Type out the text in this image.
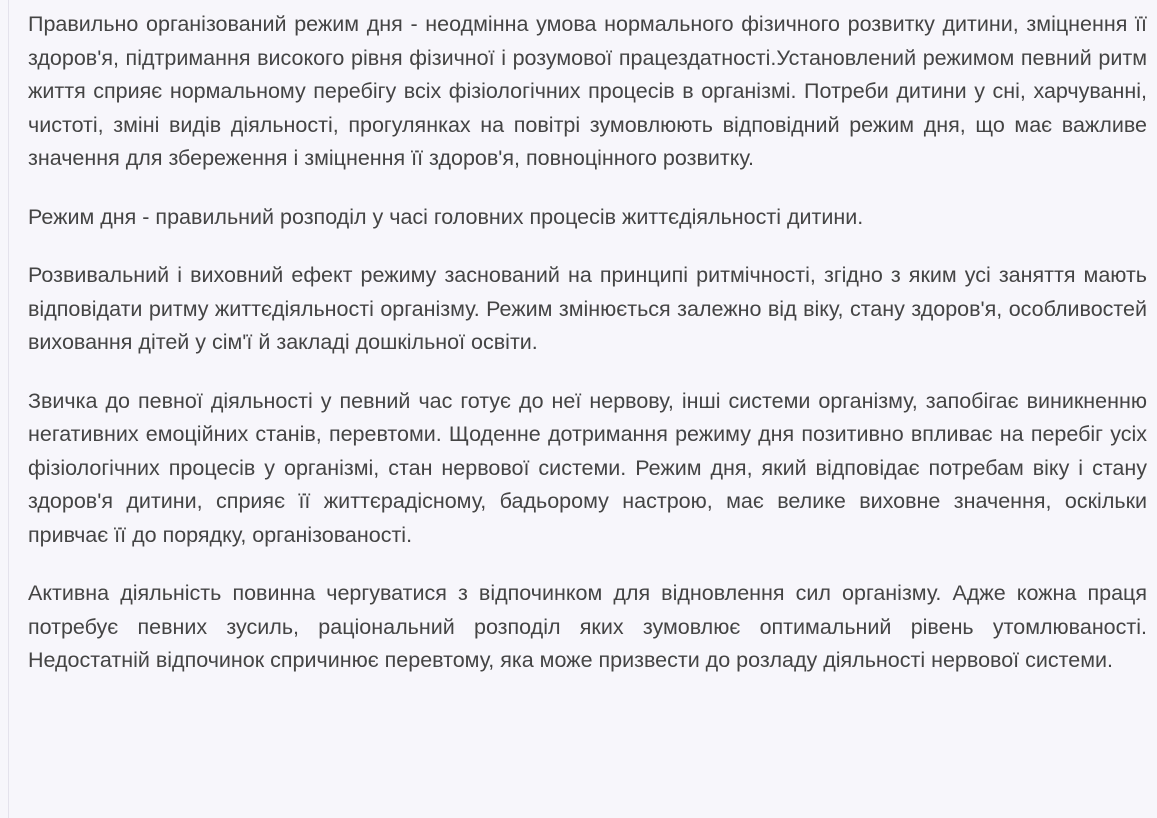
Правильно організований режим дня - неодмінна умова нормального фізичного розвитку дитини, зміцнення її здоров'я, підтримання високого рівня фізичної і розумової працездатності.Установлений режимом певний ритм життя сприяє нормальному перебігу всіх фізіологічних процесів в організмі. Потреби дитини у сні, харчуванні, чистоті, зміні видів діяльності, прогулянках на повітрі зумовлюють відповідний режим дня, що має важливе значення для збереження і зміцнення її здоров'я, повноцінного розвитку.

Режим дня - правильний розподіл у часі головних процесів життєдіяльності дитини.

Розвивальний і виховний ефект режиму заснований на принципі ритмічності, згідно з яким усі заняття мають відповідати ритму життєдіяльності організму. Режим змінюється залежно від віку, стану здоров'я, особливостей виховання дітей у сім'ї й закладі дошкільної освіти.

Звичка до певної діяльності у певний час готує до неї нервову, інші системи організму, запобігає виникненню негативних емоційних станів, перевтоми. Щоденне дотримання режиму дня позитивно впливає на перебіг усіх фізіологічних процесів у організмі, стан нервової системи. Режим дня, який відповідає потребам віку і стану здоров'я дитини, сприяє її життєрадісному, бадьорому настрою, має велике виховне значення, оскільки привчає її до порядку, організованості.

Активна діяльність повинна чергуватися з відпочинком для відновлення сил організму. Адже кожна праця потребує певних зусиль, раціональний розподіл яких зумовлює оптимальний рівень утомлюваності. Недостатній відпочинок спричинює перевтому, яка може призвести до розладу діяльності нервової системи.
